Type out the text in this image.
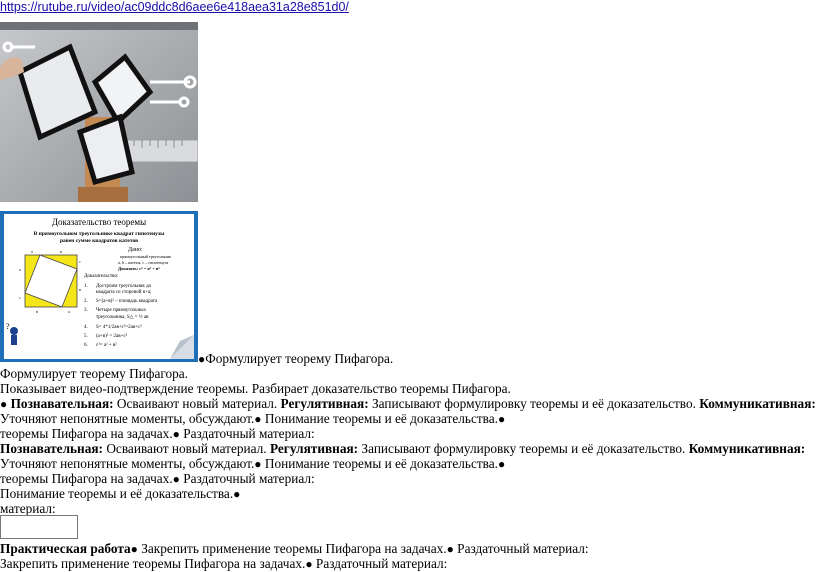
https://rutube.ru/video/ac09ddc8d6aee6e418aea31a28e851d0/
Доказательство теоремы
В прямоугольном треугольнике квадрат гипотенузы
равен сумме квадратов катетов
a	в
c
в
a
в
c
a
Дано:
прямоугольный треугольник
a, b – катеты, с – гипотенуза
Доказать: c² = a² + в²
Доказательство:
1. Достроим треугольник до
квадрата со стороной в+а;
2. S=(a+в)² – площадь квадрата
3. Четыре прямоугольных
треугольника, S△ = ½ ав
4. S= 4*1/2ав+с²=2ав+с²
5. (a+в)² = 2ав+с²
6. с²= a² + в²
?
●Формулирует теорему Пифагора.
Формулирует теорему Пифагора.
Показывает видео-подтверждение теоремы. Разбирает доказательство теоремы Пифагора.
● Познавательная: Осваивают новый материал. Регулятивная: Записывают формулировку теоремы и её доказательство. Коммуникативная:
Уточняют непонятные моменты, обсуждают.● Понимание теоремы и её доказательства.●
теоремы Пифагора на задачах.● Раздаточный материал:
Познавательная: Осваивают новый материал. Регулятивная: Записывают формулировку теоремы и её доказательство. Коммуникативная:
Уточняют непонятные моменты, обсуждают.● Понимание теоремы и её доказательства.●
теоремы Пифагора на задачах.● Раздаточный материал:
Понимание теоремы и её доказательства.●
материал:
Практическая работа● Закрепить применение теоремы Пифагора на задачах.● Раздаточный материал:
Закрепить применение теоремы Пифагора на задачах.● Раздаточный материал:
